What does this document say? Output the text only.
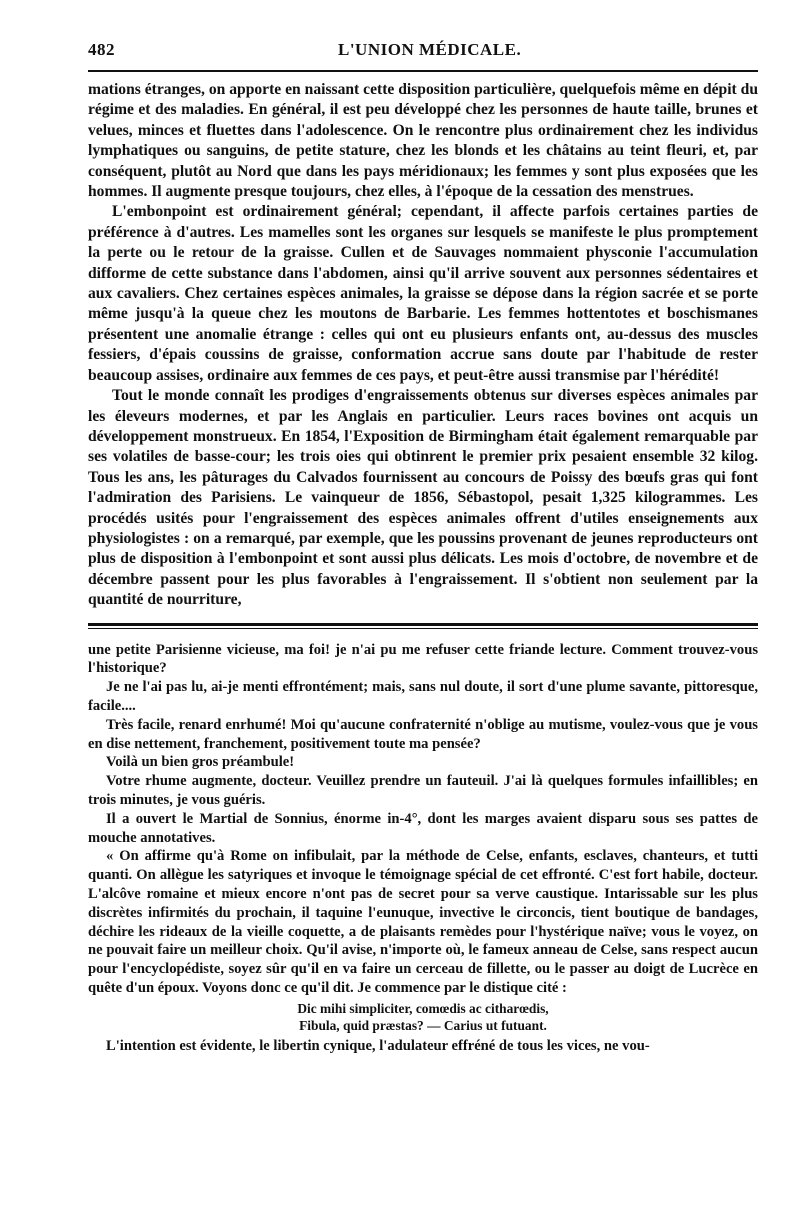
482	L'UNION MÉDICALE.

mations étranges, on apporte en naissant cette disposition particulière, quelquefois même en dépit du régime et des maladies. En général, il est peu développé chez les personnes de haute taille, brunes et velues, minces et fluettes dans l'adolescence. On le rencontre plus ordinairement chez les individus lymphatiques ou sanguins, de petite stature, chez les blonds et les châtains au teint fleuri, et, par conséquent, plutôt au Nord que dans les pays méridionaux; les femmes y sont plus exposées que les hommes. Il augmente presque toujours, chez elles, à l'époque de la cessation des menstrues.

L'embonpoint est ordinairement général; cependant, il affecte parfois certaines parties de préférence à d'autres. Les mamelles sont les organes sur lesquels se manifeste le plus promptement la perte ou le retour de la graisse. Cullen et de Sauvages nommaient physconie l'accumulation difforme de cette substance dans l'abdomen, ainsi qu'il arrive souvent aux personnes sédentaires et aux cavaliers. Chez certaines espèces animales, la graisse se dépose dans la région sacrée et se porte même jusqu'à la queue chez les moutons de Barbarie. Les femmes hottentotes et boschismanes présentent une anomalie étrange : celles qui ont eu plusieurs enfants ont, au-dessus des muscles fessiers, d'épais coussins de graisse, conformation accrue sans doute par l'habitude de rester beaucoup assises, ordinaire aux femmes de ces pays, et peut-être aussi transmise par l'hérédité!

Tout le monde connaît les prodiges d'engraissements obtenus sur diverses espèces animales par les éleveurs modernes, et par les Anglais en particulier. Leurs races bovines ont acquis un développement monstrueux. En 1854, l'Exposition de Birmingham était également remarquable par ses volatiles de basse-cour; les trois oies qui obtinrent le premier prix pesaient ensemble 32 kilog. Tous les ans, les pâturages du Calvados fournissent au concours de Poissy des bœufs gras qui font l'admiration des Parisiens. Le vainqueur de 1856, Sébastopol, pesait 1,325 kilogrammes. Les procédés usités pour l'engraissement des espèces animales offrent d'utiles enseignements aux physiologistes : on a remarqué, par exemple, que les poussins provenant de jeunes reproducteurs ont plus de disposition à l'embonpoint et sont aussi plus délicats. Les mois d'octobre, de novembre et de décembre passent pour les plus favorables à l'engraissement. Il s'obtient non seulement par la quantité de nourriture,

une petite Parisienne vicieuse, ma foi! je n'ai pu me refuser cette friande lecture. Comment trouvez-vous l'historique?

Je ne l'ai pas lu, ai-je menti effrontément; mais, sans nul doute, il sort d'une plume savante, pittoresque, facile....

Très facile, renard enrhumé! Moi qu'aucune confraternité n'oblige au mutisme, voulez-vous que je vous en dise nettement, franchement, positivement toute ma pensée?

Voilà un bien gros préambule!

Votre rhume augmente, docteur. Veuillez prendre un fauteuil. J'ai là quelques formules infaillibles; en trois minutes, je vous guéris.

Il a ouvert le Martial de Sonnius, énorme in-4°, dont les marges avaient disparu sous ses pattes de mouche annotatives.

« On affirme qu'à Rome on infibulait, par la méthode de Celse, enfants, esclaves, chanteurs, et tutti quanti. On allègue les satyriques et invoque le témoignage spécial de cet effronté. C'est fort habile, docteur. L'alcôve romaine et mieux encore n'ont pas de secret pour sa verve caustique. Intarissable sur les plus discrètes infirmités du prochain, il taquine l'eunuque, invective le circoncis, tient boutique de bandages, déchire les rideaux de la vieille coquette, a de plaisants remèdes pour l'hystérique naïve; vous le voyez, on ne pouvait faire un meilleur choix. Qu'il avise, n'importe où, le fameux anneau de Celse, sans respect aucun pour l'encyclopédiste, soyez sûr qu'il en va faire un cerceau de fillette, ou le passer au doigt de Lucrèce en quête d'un époux. Voyons donc ce qu'il dit. Je commence par le distique cité :

Dic mihi simpliciter, comœdis ac citharœdis,
Fibula, quid præstas? — Carius ut futuant.

L'intention est évidente, le libertin cynique, l'adulateur effréné de tous les vices, ne vou-
